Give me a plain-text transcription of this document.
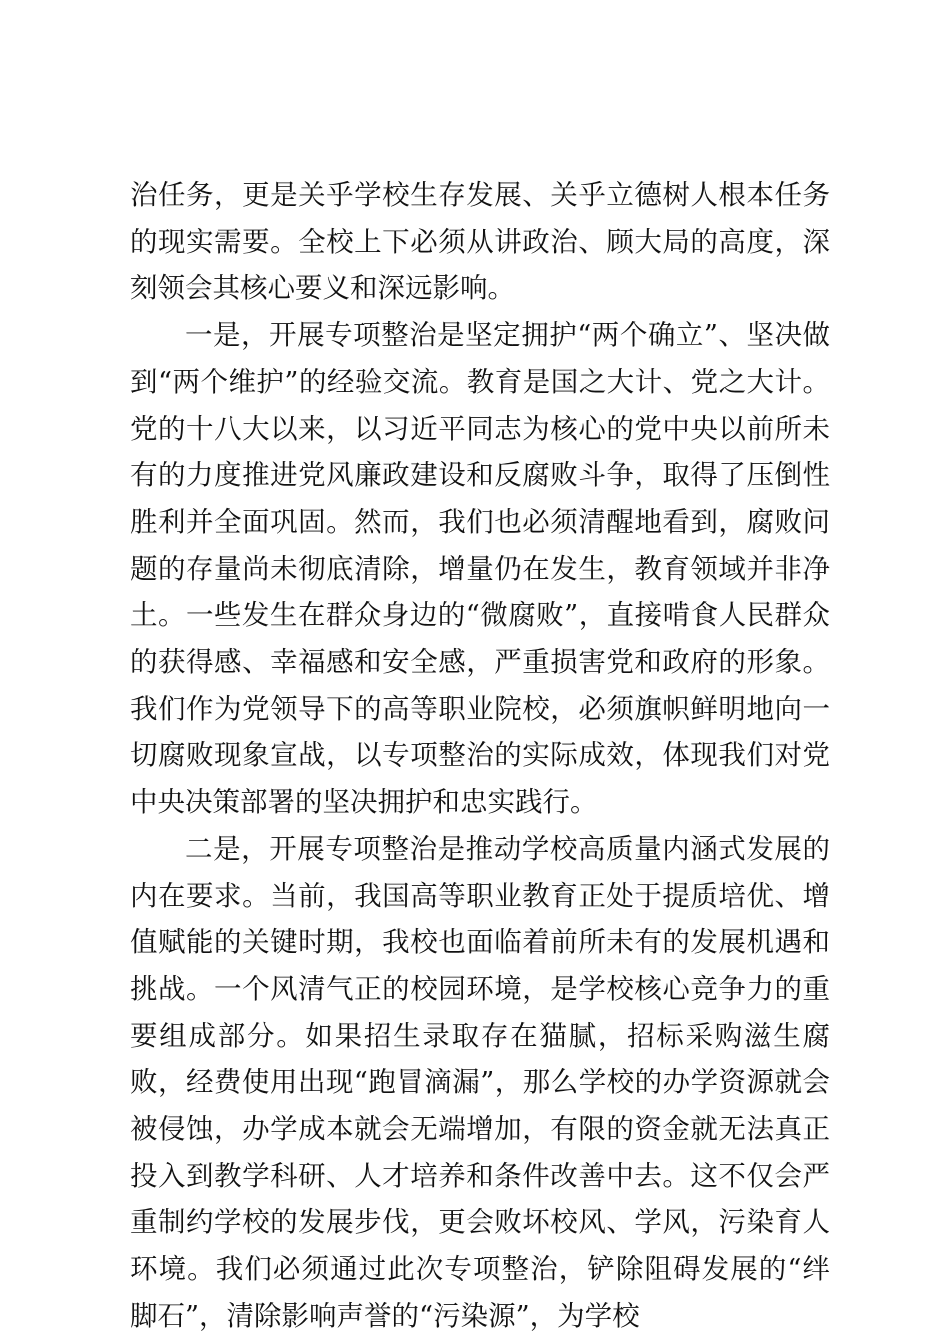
治任务，更是关乎学校生存发展、关乎立德树人根本任务的现实需要。全校上下必须从讲政治、顾大局的高度，深刻领会其核心要义和深远影响。

一是，开展专项整治是坚定拥护“两个确立”、坚决做到“两个维护”的经验交流。教育是国之大计、党之大计。党的十八大以来，以习近平同志为核心的党中央以前所未有的力度推进党风廉政建设和反腐败斗争，取得了压倒性胜利并全面巩固。然而，我们也必须清醒地看到，腐败问题的存量尚未彻底清除，增量仍在发生，教育领域并非净土。一些发生在群众身边的“微腐败”，直接啃食人民群众的获得感、幸福感和安全感，严重损害党和政府的形象。我们作为党领导下的高等职业院校，必须旗帜鲜明地向一切腐败现象宣战，以专项整治的实际成效，体现我们对党中央决策部署的坚决拥护和忠实践行。

二是，开展专项整治是推动学校高质量内涵式发展的内在要求。当前，我国高等职业教育正处于提质培优、增值赋能的关键时期，我校也面临着前所未有的发展机遇和挑战。一个风清气正的校园环境，是学校核心竞争力的重要组成部分。如果招生录取存在猫腻，招标采购滋生腐败，经费使用出现“跑冒滴漏”，那么学校的办学资源就会被侵蚀，办学成本就会无端增加，有限的资金就无法真正投入到教学科研、人才培养和条件改善中去。这不仅会严重制约学校的发展步伐，更会败坏校风、学风，污染育人环境。我们必须通过此次专项整治，铲除阻碍发展的“绊脚石”，清除影响声誉的“污染源”，为学校
